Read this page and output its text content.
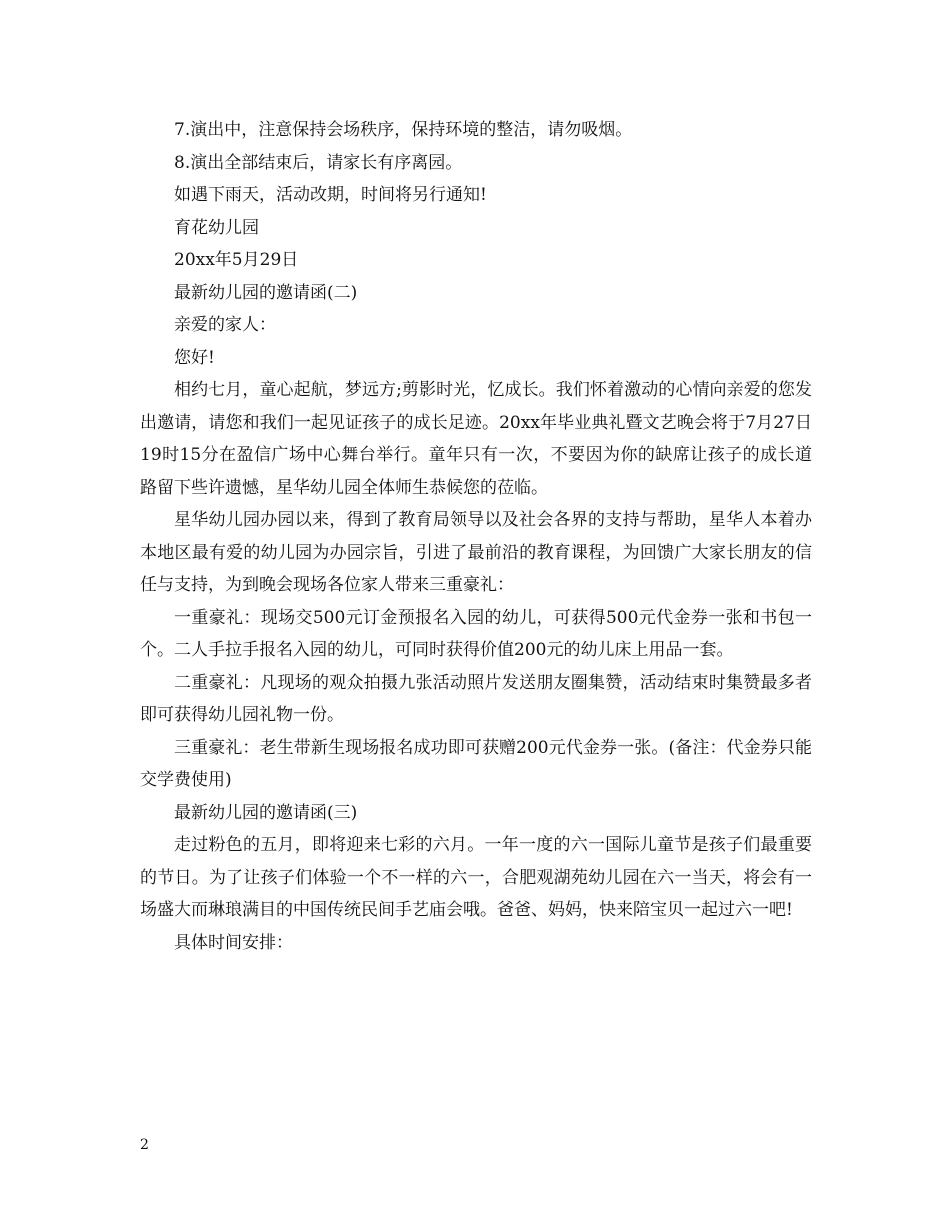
7.演出中，注意保持会场秩序，保持环境的整洁，请勿吸烟。

8.演出全部结束后，请家长有序离园。

如遇下雨天，活动改期，时间将另行通知!

育花幼儿园

20xx年5月29日

最新幼儿园的邀请函(二)

亲爱的家人：

您好!

相约七月，童心起航，梦远方;剪影时光，忆成长。我们怀着激动的心情向亲爱的您发出邀请，请您和我们一起见证孩子的成长足迹。20xx年毕业典礼暨文艺晚会将于7月27日19时15分在盈信广场中心舞台举行。童年只有一次，不要因为你的缺席让孩子的成长道路留下些许遗憾，星华幼儿园全体师生恭候您的莅临。

星华幼儿园办园以来，得到了教育局领导以及社会各界的支持与帮助，星华人本着办本地区最有爱的幼儿园为办园宗旨，引进了最前沿的教育课程，为回馈广大家长朋友的信任与支持，为到晚会现场各位家人带来三重豪礼：

一重豪礼：现场交500元订金预报名入园的幼儿，可获得500元代金券一张和书包一个。二人手拉手报名入园的幼儿，可同时获得价值200元的幼儿床上用品一套。

二重豪礼：凡现场的观众拍摄九张活动照片发送朋友圈集赞，活动结束时集赞最多者即可获得幼儿园礼物一份。

三重豪礼：老生带新生现场报名成功即可获赠200元代金券一张。(备注：代金券只能交学费使用)

最新幼儿园的邀请函(三)

走过粉色的五月，即将迎来七彩的六月。一年一度的六一国际儿童节是孩子们最重要的节日。为了让孩子们体验一个不一样的六一，合肥观湖苑幼儿园在六一当天，将会有一场盛大而琳琅满目的中国传统民间手艺庙会哦。爸爸、妈妈，快来陪宝贝一起过六一吧!

具体时间安排：

2
